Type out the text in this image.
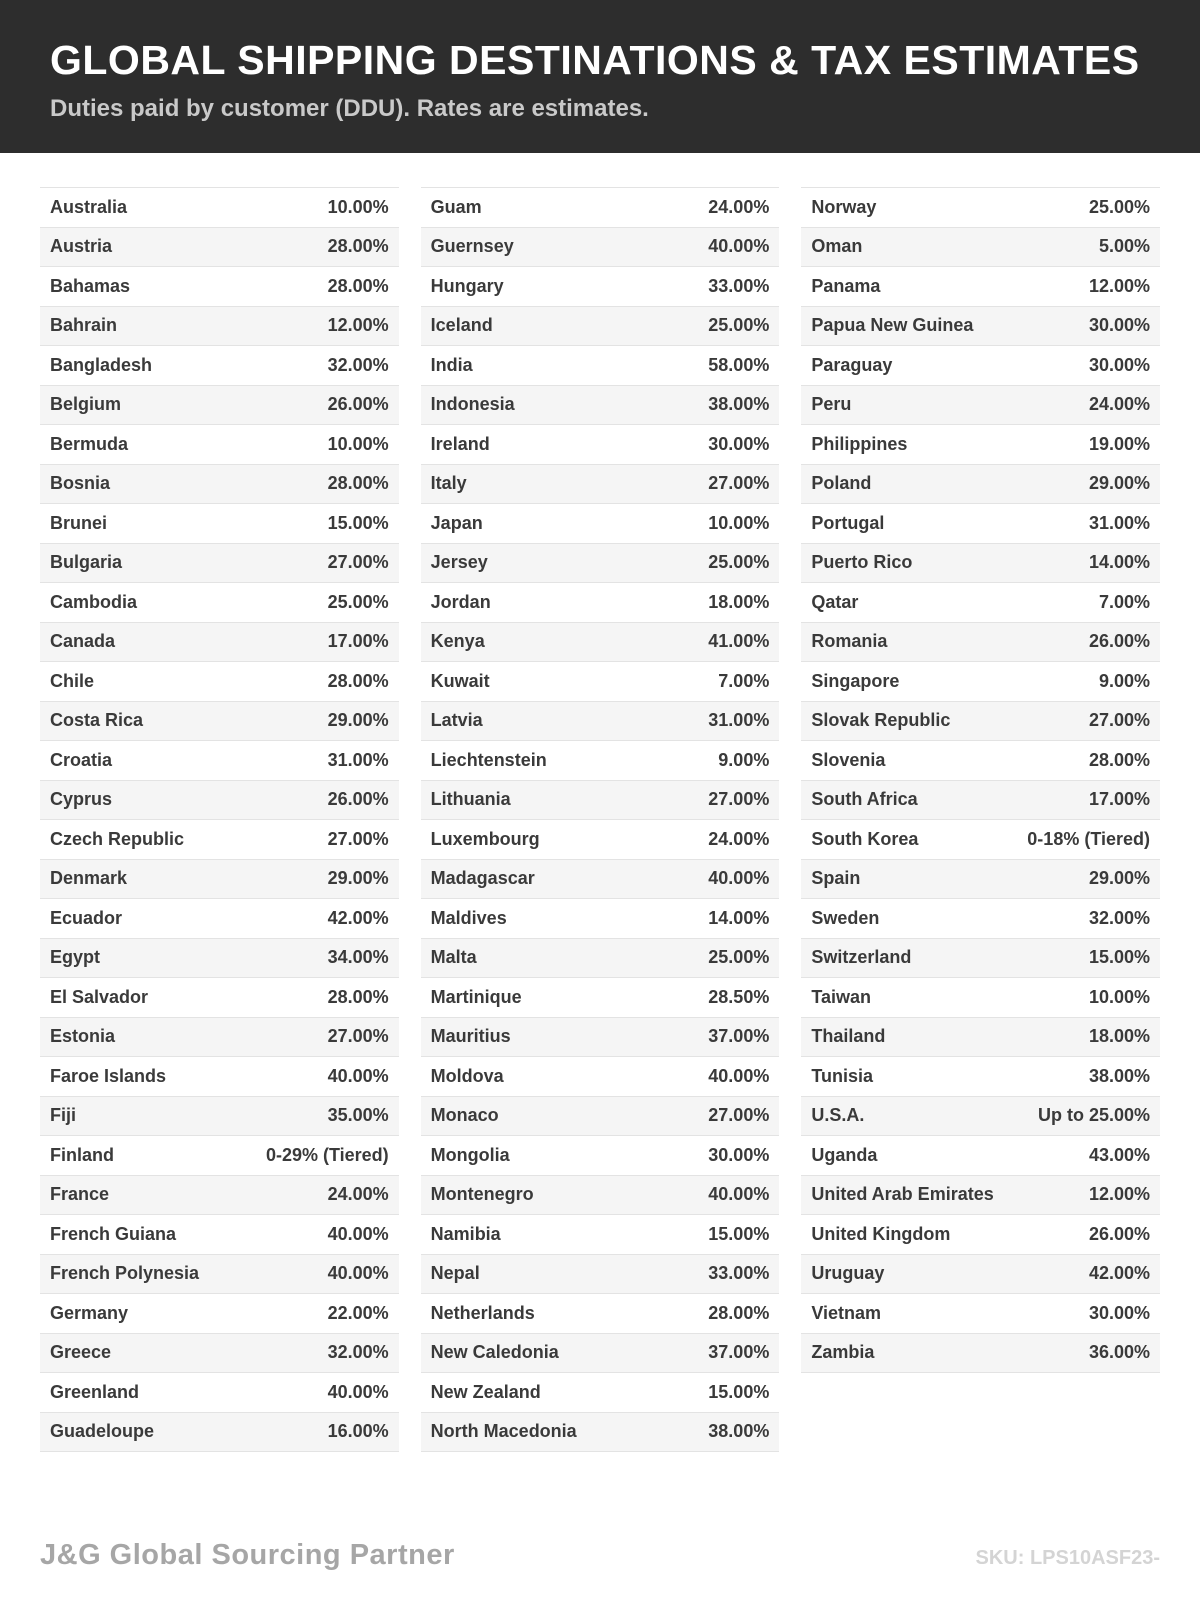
GLOBAL SHIPPING DESTINATIONS & TAX ESTIMATES
Duties paid by customer (DDU). Rates are estimates.
Australia	10.00%
Austria	28.00%
Bahamas	28.00%
Bahrain	12.00%
Bangladesh	32.00%
Belgium	26.00%
Bermuda	10.00%
Bosnia	28.00%
Brunei	15.00%
Bulgaria	27.00%
Cambodia	25.00%
Canada	17.00%
Chile	28.00%
Costa Rica	29.00%
Croatia	31.00%
Cyprus	26.00%
Czech Republic	27.00%
Denmark	29.00%
Ecuador	42.00%
Egypt	34.00%
El Salvador	28.00%
Estonia	27.00%
Faroe Islands	40.00%
Fiji	35.00%
Finland	0-29% (Tiered)
France	24.00%
French Guiana	40.00%
French Polynesia	40.00%
Germany	22.00%
Greece	32.00%
Greenland	40.00%
Guadeloupe	16.00%
Guam	24.00%
Guernsey	40.00%
Hungary	33.00%
Iceland	25.00%
India	58.00%
Indonesia	38.00%
Ireland	30.00%
Italy	27.00%
Japan	10.00%
Jersey	25.00%
Jordan	18.00%
Kenya	41.00%
Kuwait	7.00%
Latvia	31.00%
Liechtenstein	9.00%
Lithuania	27.00%
Luxembourg	24.00%
Madagascar	40.00%
Maldives	14.00%
Malta	25.00%
Martinique	28.50%
Mauritius	37.00%
Moldova	40.00%
Monaco	27.00%
Mongolia	30.00%
Montenegro	40.00%
Namibia	15.00%
Nepal	33.00%
Netherlands	28.00%
New Caledonia	37.00%
New Zealand	15.00%
North Macedonia	38.00%
Norway	25.00%
Oman	5.00%
Panama	12.00%
Papua New Guinea	30.00%
Paraguay	30.00%
Peru	24.00%
Philippines	19.00%
Poland	29.00%
Portugal	31.00%
Puerto Rico	14.00%
Qatar	7.00%
Romania	26.00%
Singapore	9.00%
Slovak Republic	27.00%
Slovenia	28.00%
South Africa	17.00%
South Korea	0-18% (Tiered)
Spain	29.00%
Sweden	32.00%
Switzerland	15.00%
Taiwan	10.00%
Thailand	18.00%
Tunisia	38.00%
U.S.A.	Up to 25.00%
Uganda	43.00%
United Arab Emirates	12.00%
United Kingdom	26.00%
Uruguay	42.00%
Vietnam	30.00%
Zambia	36.00%
J&G Global Sourcing Partner	SKU: LPS10ASF23-
